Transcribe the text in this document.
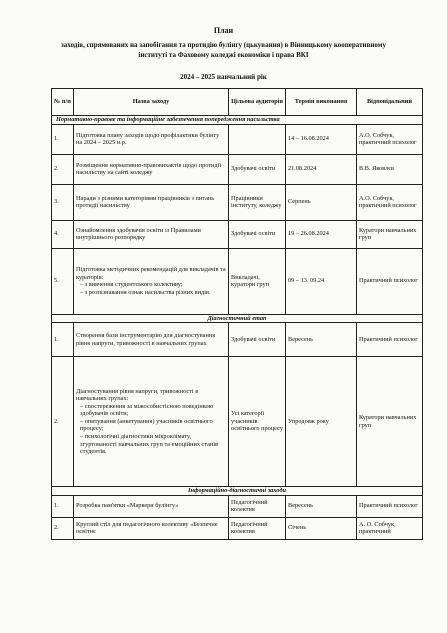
План
заходів, спрямованих на запобігання та протидію булінгу (цькування) в Вінницькому кооперативному інституті та Фаховому коледжі економіки і права ВКІ
2024 – 2025 навчальний рік
№ п/п	Назва заходу	Цільова аудиторія	Термін виконання	Відповідальний
Нормативно-правове та інформаційне забезпечення попередження насильства				
1.	Підготовка плану заходів щодо профілактики булінгу на 2024 – 2025 н.р.		14 – 16.08.2024	А.О. Собчук, практичний психолог
2.	Розміщення нормативно-правовихактів щодо протидії насильству на сайті коледжу	Здобувачі освіти	21.08.2024	В.В. Яковлєв
3.	Наради з різними категоріями працівників з питань протидії насильству	Працівники інституту, коледжу	Серпень	А.О. Собчук, практичний психолог
4.	Ознайомлення здобувачів освіти із Правилами внутрішнього розпорядку	Здобувачі освіти	19 – 26.08.2024	Куратори навчальних груп
5.	Підготовка методичних рекомендацій для викладачів та кураторів:
– з вивчення студентського колективу;
– з розпізнавання ознак насильства різних видів.	Викладачі, куратори груп	09 – 13. 09.24	Практичний психолог
Діагностичний етап				
1.	Створення бази інструментарію для діагностування рівня напруги, тривожності в навчальних групах	Здобувачі освіти	Вересень	Практичний психолог
2.	Діагностування рівня напруги, тривожності в навчальних групах:
– спостереження за міжособистісною поведінкою здобувачів освіти;
– опитування (анкетування) учасників освітнього процесу;
– психологічні діагностики мікроклімату, згуртованості навчальних груп та емоційних станів студентів.	Усі категорії учасників освітнього процесу	Упродовж року	Куратори навчальних груп
Інформаційно-діагностичні заходи				
1.	Розробка пам'ятки «Маркери булінгу»	Педагогічний колектив	Вересень	Практичний психолог
2.	Круглий стіл для педагогічного колективу «Безпечне освітнє	Педагогічний колектив	Січень	А. О. Собчук, практичний
